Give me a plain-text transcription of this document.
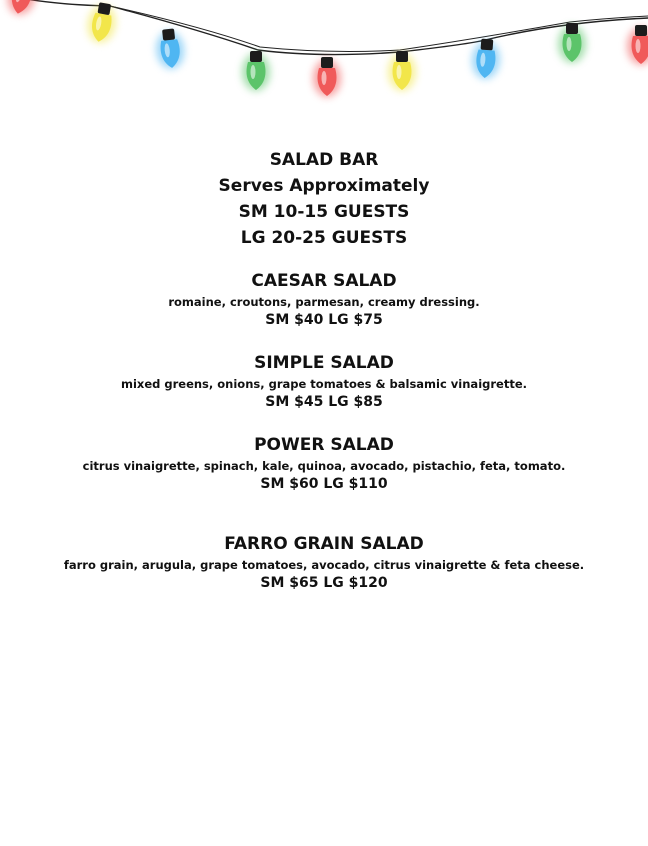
SALAD BAR
Serves Approximately
SM 10-15 GUESTS
LG 20-25 GUESTS
CAESAR SALAD
romaine, croutons, parmesan, creamy dressing.
SM $40 LG $75
SIMPLE SALAD
mixed greens, onions, grape tomatoes & balsamic vinaigrette.
SM $45 LG $85
POWER SALAD
citrus vinaigrette, spinach, kale, quinoa, avocado, pistachio, feta, tomato.
SM $60 LG $110
FARRO GRAIN SALAD
farro grain, arugula, grape tomatoes, avocado, citrus vinaigrette & feta cheese.
SM $65 LG $120
